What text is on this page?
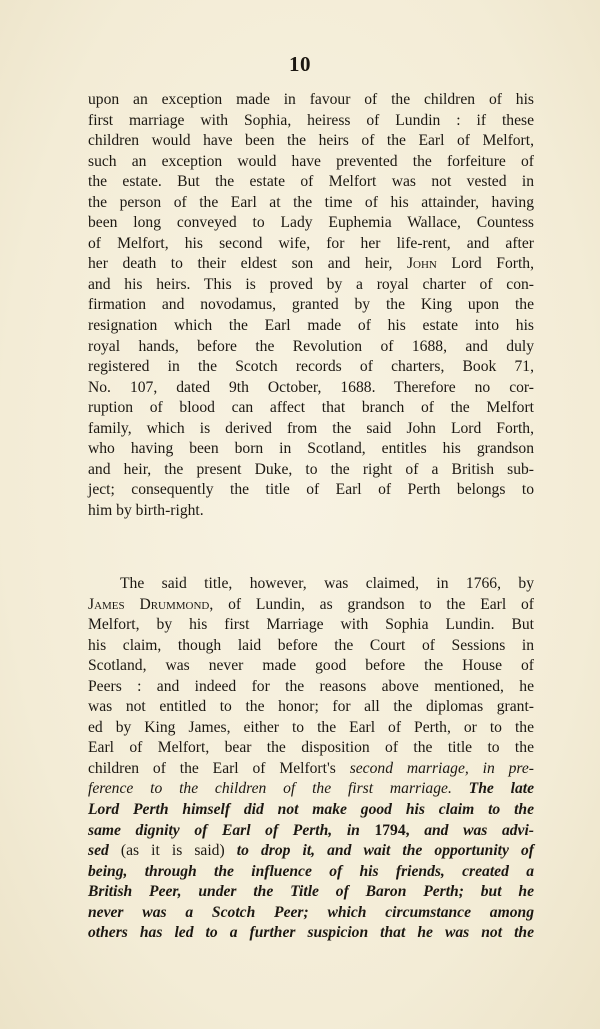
10
upon an exception made in favour of the children of his
first marriage with Sophia, heiress of Lundin : if these
children would have been the heirs of the Earl of Melfort,
such an exception would have prevented the forfeiture of
the estate. But the estate of Melfort was not vested in
the person of the Earl at the time of his attainder, having
been long conveyed to Lady Euphemia Wallace, Countess
of Melfort, his second wife, for her life-rent, and after
her death to their eldest son and heir, John Lord Forth,
and his heirs. This is proved by a royal charter of con-
firmation and novodamus, granted by the King upon the
resignation which the Earl made of his estate into his
royal hands, before the Revolution of 1688, and duly
registered in the Scotch records of charters, Book 71,
No. 107, dated 9th October, 1688. Therefore no cor-
ruption of blood can affect that branch of the Melfort
family, which is derived from the said John Lord Forth,
who having been born in Scotland, entitles his grandson
and heir, the present Duke, to the right of a British sub-
ject; consequently the title of Earl of Perth belongs to
him by birth-right.
The said title, however, was claimed, in 1766, by
James Drummond, of Lundin, as grandson to the Earl of
Melfort, by his first Marriage with Sophia Lundin. But
his claim, though laid before the Court of Sessions in
Scotland, was never made good before the House of
Peers : and indeed for the reasons above mentioned, he
was not entitled to the honor; for all the diplomas grant-
ed by King James, either to the Earl of Perth, or to the
Earl of Melfort, bear the disposition of the title to the
children of the Earl of Melfort's second marriage, in pre-
ference to the children of the first marriage. The late
Lord Perth himself did not make good his claim to the
same dignity of Earl of Perth, in 1794, and was advi-
sed (as it is said) to drop it, and wait the opportunity of
being, through the influence of his friends, created a
British Peer, under the Title of Baron Perth; but he
never was a Scotch Peer; which circumstance among
others has led to a further suspicion that he was not the
